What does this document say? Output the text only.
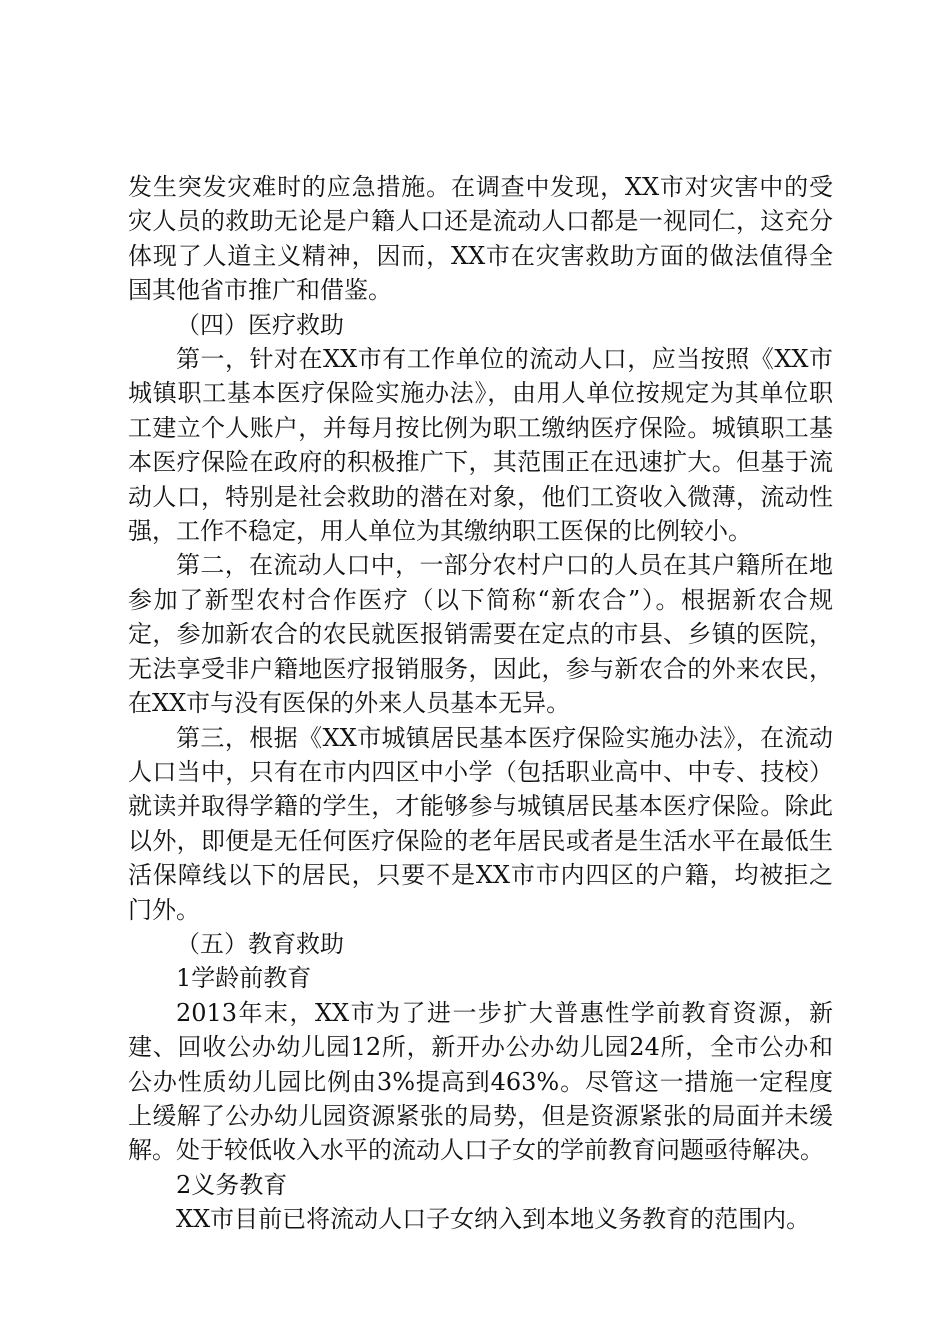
发生突发灾难时的应急措施。在调查中发现，XX市对灾害中的受灾人员的救助无论是户籍人口还是流动人口都是一视同仁，这充分体现了人道主义精神，因而，XX市在灾害救助方面的做法值得全国其他省市推广和借鉴。

（四）医疗救助

第一，针对在XX市有工作单位的流动人口，应当按照《XX市城镇职工基本医疗保险实施办法》，由用人单位按规定为其单位职工建立个人账户，并每月按比例为职工缴纳医疗保险。城镇职工基本医疗保险在政府的积极推广下，其范围正在迅速扩大。但基于流动人口，特别是社会救助的潜在对象，他们工资收入微薄，流动性强，工作不稳定，用人单位为其缴纳职工医保的比例较小。

第二，在流动人口中，一部分农村户口的人员在其户籍所在地参加了新型农村合作医疗（以下简称“新农合”）。根据新农合规定，参加新农合的农民就医报销需要在定点的市县、乡镇的医院，无法享受非户籍地医疗报销服务，因此，参与新农合的外来农民，在XX市与没有医保的外来人员基本无异。

第三，根据《XX市城镇居民基本医疗保险实施办法》，在流动人口当中，只有在市内四区中小学（包括职业高中、中专、技校）就读并取得学籍的学生，才能够参与城镇居民基本医疗保险。除此以外，即便是无任何医疗保险的老年居民或者是生活水平在最低生活保障线以下的居民，只要不是XX市市内四区的户籍，均被拒之门外。

（五）教育救助

1学龄前教育

2013年末，XX市为了进一步扩大普惠性学前教育资源，新建、回收公办幼儿园12所，新开办公办幼儿园24所，全市公办和公办性质幼儿园比例由3%提高到463%。尽管这一措施一定程度上缓解了公办幼儿园资源紧张的局势，但是资源紧张的局面并未缓解。处于较低收入水平的流动人口子女的学前教育问题亟待解决。

2义务教育

XX市目前已将流动人口子女纳入到本地义务教育的范围内。
